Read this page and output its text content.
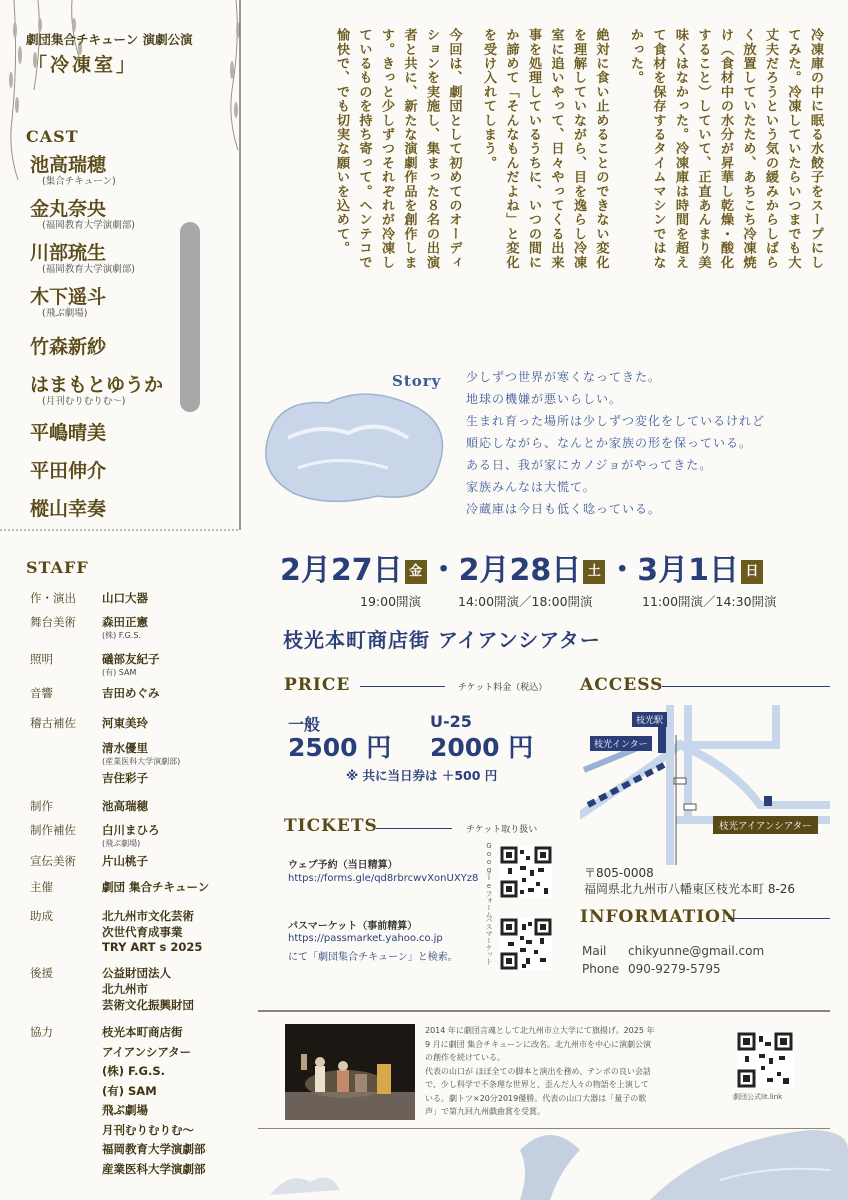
劇団集合チキューン 演劇公演
「冷凍室」
CAST
池高瑞穂
(集合チキューン)
金丸奈央
(福岡教育大学演劇部)
川部琉生
(福岡教育大学演劇部)
木下遥斗
(飛ぶ劇場)
竹森新紗
はまもとゆうか
(月刊むりむりむ〜)
平嶋晴美
平田伸介
樅山幸奏
STAFF
作・演出 山口大器
舞台美術 森田正憲
(株) F.G.S.
照明	礒部友紀子
(有) SAM
音響	吉田めぐみ
稽古補佐 河東美玲
清水優里
(産業医科大学演劇部)
吉住彩子
制作	池高瑞穂
制作補佐 白川まひろ
(飛ぶ劇場)
宣伝美術 片山桃子
主催	劇団 集合チキューン
助成	北九州市文化芸術
次世代育成事業
TRY ART s 2025
後援	公益財団法人
北九州市
芸術文化振興財団
協力	枝光本町商店街
アイアンシアター
(株) F.G.S.
(有) SAM
飛ぶ劇場
月刊むりむりむ〜
福岡教育大学演劇部
産業医科大学演劇部
冷凍庫の中に眠る水餃子をスープにし
てみた。冷凍していたらいつまでも大
丈夫だろうという気の緩みからしばら
く放置していたため、あちこち冷凍焼
け（食材中の水分が昇華し乾燥・酸化
すること）していて、正直あんまり美
味くはなかった。冷凍庫は時間を超え
て食材を保存するタイムマシンではな
かった。
絶対に食い止めることのできない変化
を理解していながら、目を逸らし冷凍
室に追いやって、日々やってくる出来
事を処理しているうちに、いつの間に
か諦めて「そんなもんだよね」と変化
を受け入れてしまう。
今回は、劇団として初めてのオーディ
ションを実施し、集まった８名の出演
者と共に、新たな演劇作品を創作しま
す。きっと少しずつそれぞれが冷凍し
ているものを持ち寄って。ヘンテコで
愉快で、でも切実な願いを込めて。
Story 少しずつ世界が寒くなってきた。
地球の機嫌が悪いらしい。
生まれ育った場所は少しずつ変化をしているけれど
順応しながら、なんとか家族の形を保っている。
ある日、我が家にカノジョがやってきた。
家族みんなは大慌て。
冷蔵庫は今日も低く唸っている。
2月27日 金 ・2月28日 土 ・3月1日 日
19:00開演	14:00開演／18:00開演	11:00開演／14:30開演
枝光本町商店街 アイアンシアター
PRICE	チケット料金（税込）
一般
2500 円
U-25
2000 円
※ 共に当日券は ＋500 円
TICKETS	チケット取り扱い
ウェブ予約（当日精算）
https://forms.gle/qd8rbrcwvXonUXYz8 Googleフォーム
パスマーケット（事前精算）
https://passmarket.yahoo.co.jp
にて「劇団集合チキューン」と検索。	パスマーケット
ACCESS
枝光駅
枝光インター
枝光アイアンシアター
〒805-0008
福岡県北九州市八幡東区枝光本町 8-26
INFORMATION
Mail chikyunne@gmail.com
Phone 090-9279-5795
2014 年に劇団言魂として北九州市立大学にて旗揚げ。2025 年
9 月に劇団 集合チキューンに改名。北九州市を中心に演劇公演
の創作を続けている。
代表の山口が ほぼ全ての脚本と演出を務め、テンポの良い会話
で、少し科学で不条理な世界と、歪んだ人々の物語を上演して
いる。劇トツ×20分2019優勝。代表の山口大器は「量子の歌
声」で第九回九州戯曲賞を受賞。
劇団公式lit.link
